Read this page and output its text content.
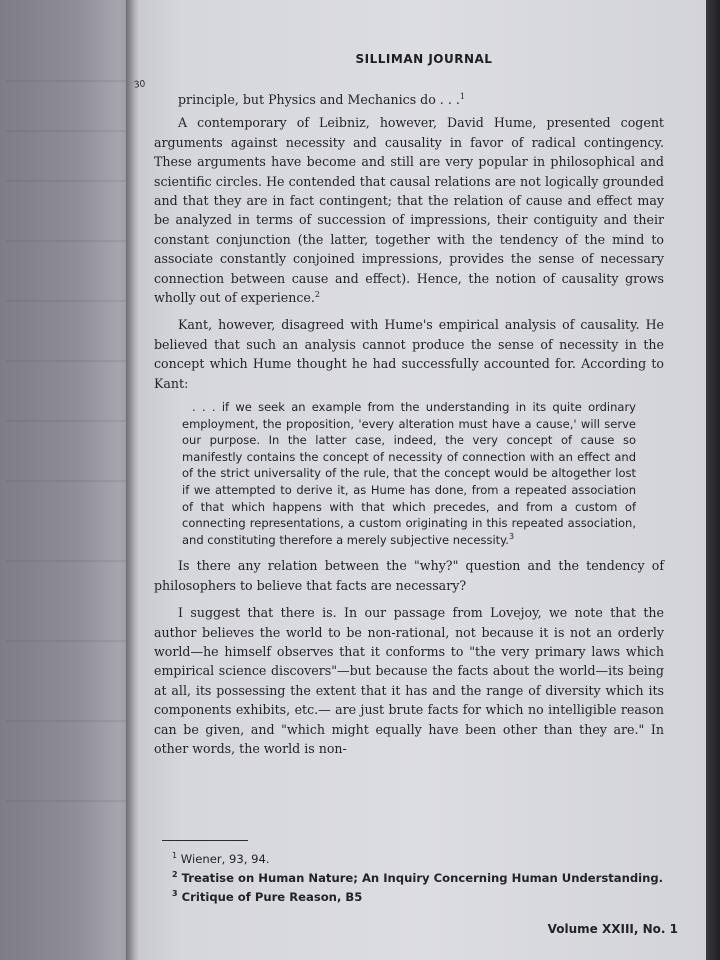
SILLIMAN JOURNAL
30

principle, but Physics and Mechanics do . . .$^1$

A contemporary of Leibniz, however, David Hume, presented cogent arguments against necessity and causality in favor of radical contingency. These arguments have become and still are very popular in philosophical and scientific circles. He contended that causal relations are not logically grounded and that they are in fact contingent; that the relation of cause and effect may be analyzed in terms of succession of impressions, their contiguity and their constant conjunction (the latter, together with the tendency of the mind to associate constantly conjoined impressions, provides the sense of necessary connection between cause and effect). Hence, the notion of causality grows wholly out of experience.$^2$

Kant, however, disagreed with Hume's empirical analysis of causality. He believed that such an analysis cannot produce the sense of necessity in the concept which Hume thought he had successfully accounted for. According to Kant:

. . . if we seek an example from the understanding in its quite ordinary employment, the proposition, 'every alteration must have a cause,' will serve our purpose. In the latter case, indeed, the very concept of cause so manifestly contains the concept of necessity of connection with an effect and of the strict universality of the rule, that the concept would be altogether lost if we attempted to derive it, as Hume has done, from a repeated association of that which happens with that which precedes, and from a custom of connecting representations, a custom originating in this repeated association, and constituting therefore a merely subjective necessity.$^3$

Is there any relation between the "why?" question and the tendency of philosophers to believe that facts are necessary?

I suggest that there is. In our passage from Lovejoy, we note that the author believes the world to be non-rational, not because it is not an orderly world—he himself observes that it conforms to "the very primary laws which empirical science discovers"—but because the facts about the world—its being at all, its possessing the extent that it has and the range of diversity which its components exhibits, etc.— are just brute facts for which no intelligible reason can be given, and "which might equally have been other than they are." In other words, the world is non-

$^1$ Wiener, 93, 94.

$^2$ Treatise on Human Nature; An Inquiry Concerning Human Understanding.

$^3$ Critique of Pure Reason, B5

Volume XXIII, No. 1
